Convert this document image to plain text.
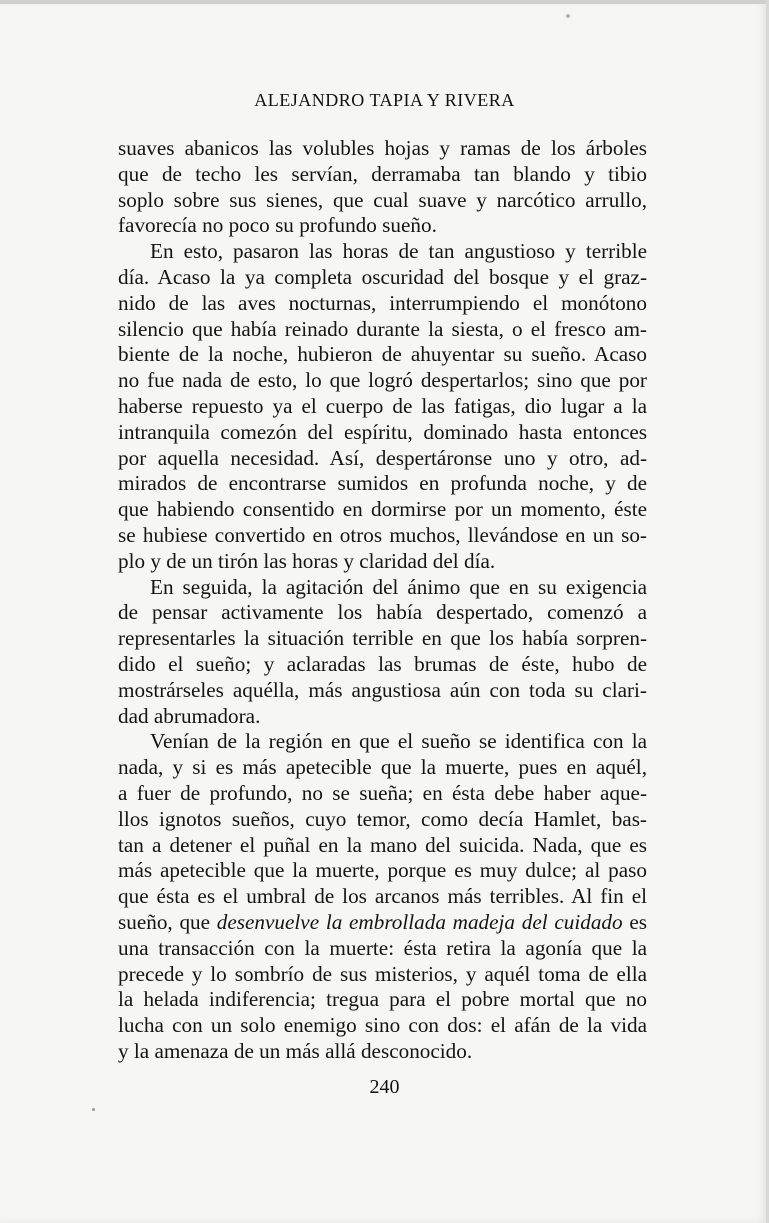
ALEJANDRO TAPIA Y RIVERA
suaves abanicos las volubles hojas y ramas de los árboles
que de techo les servían, derramaba tan blando y tibio
soplo sobre sus sienes, que cual suave y narcótico arrullo,
favorecía no poco su profundo sueño.
En esto, pasaron las horas de tan angustioso y terrible
día. Acaso la ya completa oscuridad del bosque y el graz-
nido de las aves nocturnas, interrumpiendo el monótono
silencio que había reinado durante la siesta, o el fresco am-
biente de la noche, hubieron de ahuyentar su sueño. Acaso
no fue nada de esto, lo que logró despertarlos; sino que por
haberse repuesto ya el cuerpo de las fatigas, dio lugar a la
intranquila comezón del espíritu, dominado hasta entonces
por aquella necesidad. Así, despertáronse uno y otro, ad-
mirados de encontrarse sumidos en profunda noche, y de
que habiendo consentido en dormirse por un momento, éste
se hubiese convertido en otros muchos, llevándose en un so-
plo y de un tirón las horas y claridad del día.
En seguida, la agitación del ánimo que en su exigencia
de pensar activamente los había despertado, comenzó a
representarles la situación terrible en que los había sorpren-
dido el sueño; y aclaradas las brumas de éste, hubo de
mostrárseles aquélla, más angustiosa aún con toda su clari-
dad abrumadora.
Venían de la región en que el sueño se identifica con la
nada, y si es más apetecible que la muerte, pues en aquél,
a fuer de profundo, no se sueña; en ésta debe haber aque-
llos ignotos sueños, cuyo temor, como decía Hamlet, bas-
tan a detener el puñal en la mano del suicida. Nada, que es
más apetecible que la muerte, porque es muy dulce; al paso
que ésta es el umbral de los arcanos más terribles. Al fin el
sueño, que desenvuelve la embrollada madeja del cuidado es
una transacción con la muerte: ésta retira la agonía que la
precede y lo sombrío de sus misterios, y aquél toma de ella
la helada indiferencia; tregua para el pobre mortal que no
lucha con un solo enemigo sino con dos: el afán de la vida
y la amenaza de un más allá desconocido.
240
